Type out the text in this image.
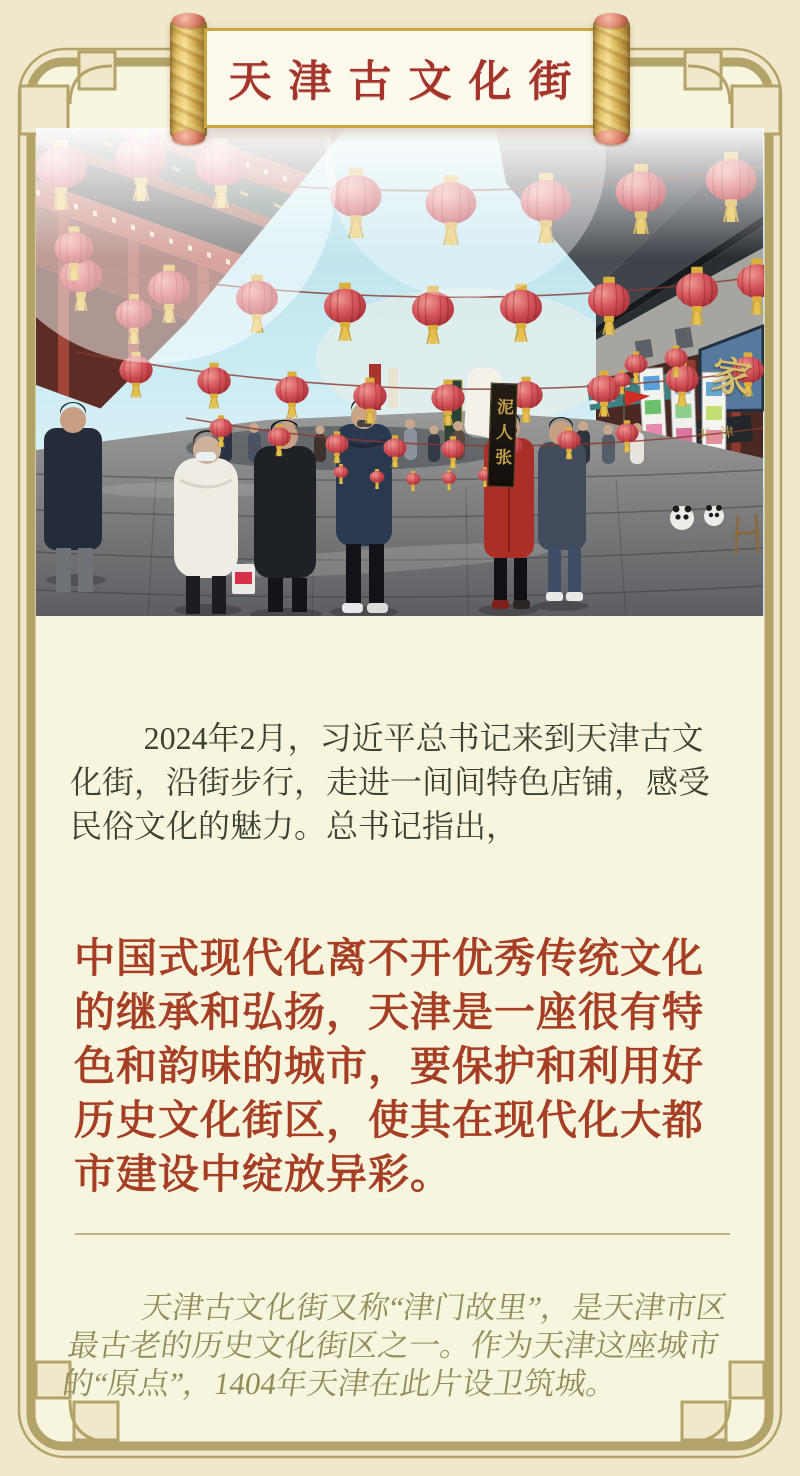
泥人张
家
天津
天津古文化街

2024年2月，习近平总书记来到天津古文化街，沿街步行，走进一间间特色店铺，感受民俗文化的魅力。总书记指出，

中国式现代化离不开优秀传统文化的继承和弘扬，天津是一座很有特色和韵味的城市，要保护和利用好历史文化街区，使其在现代化大都市建设中绽放异彩。

天津古文化街又称“津门故里”，是天津市区最古老的历史文化街区之一。作为天津这座城市的“原点”，1404年天津在此片设卫筑城。
